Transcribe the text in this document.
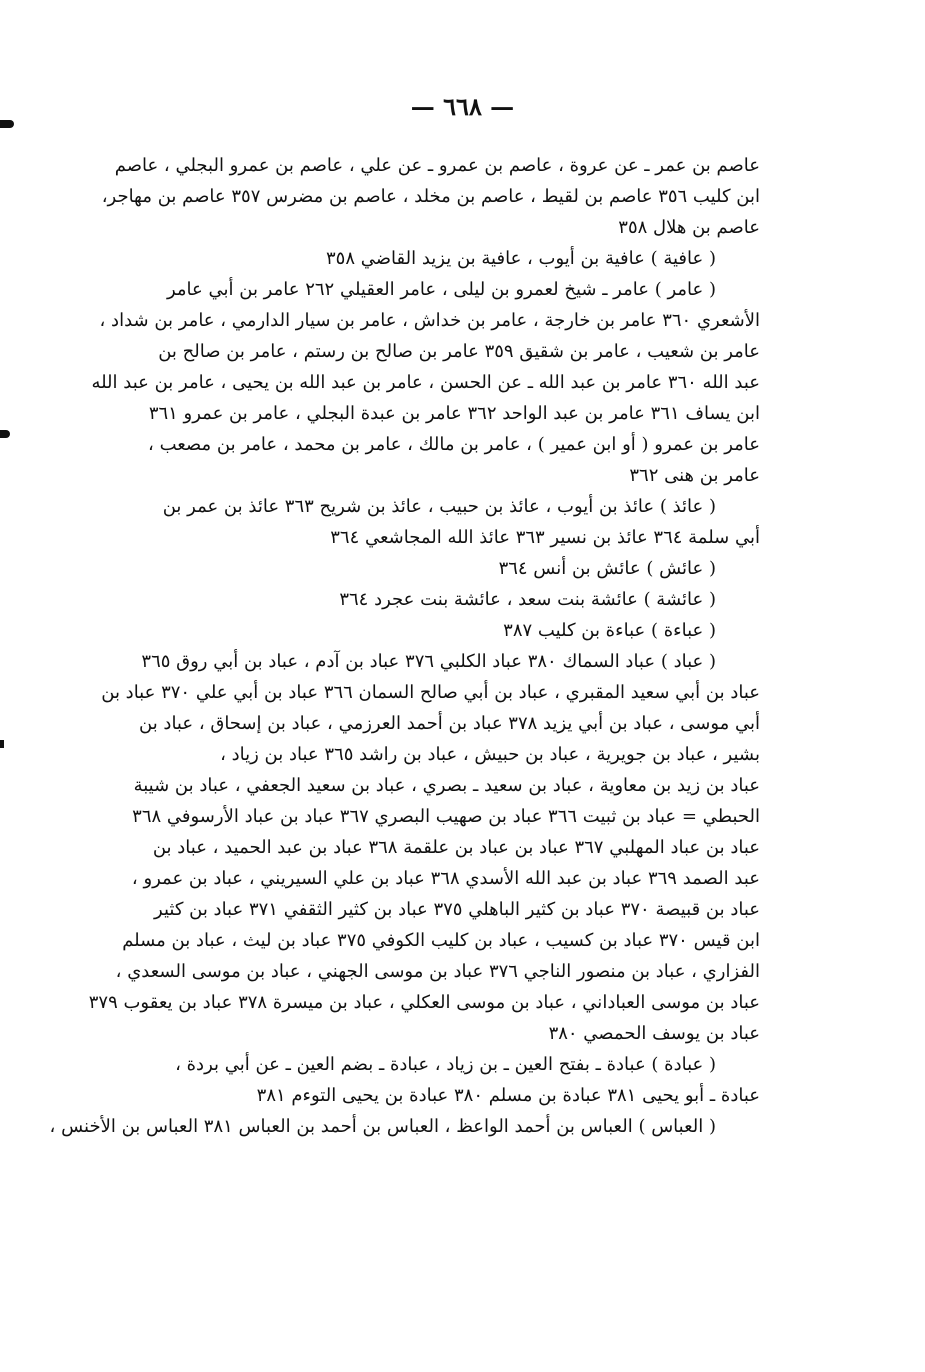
— ٦٦٨ —
عاصم بن عمر ـ عن عروة ، عاصم بن عمرو ـ عن علي ، عاصم بن عمرو البجلي ، عاصم
ابن كليب ٣٥٦ عاصم بن لقيط ، عاصم بن مخلد ، عاصم بن مضرس ٣٥٧ عاصم بن مهاجر،
عاصم بن هلال ٣٥٨
( عافية ) عافية بن أيوب ، عافية بن يزيد القاضي ٣٥٨
( عامر ) عامر ـ شيخ لعمرو بن ليلى ، عامر العقيلي ٢٦٢ عامر بن أبي عامر
الأشعري ٣٦٠ عامر بن خارجة ، عامر بن خداش ، عامر بن سيار الدارمي ، عامر بن شداد ،
عامر بن شعيب ، عامر بن شقيق ٣٥٩ عامر بن صالح بن رستم ، عامر بن صالح بن
عبد الله ٣٦٠ عامر بن عبد الله ـ عن الحسن ، عامر بن عبد الله بن يحيى ، عامر بن عبد الله
ابن يساف ٣٦١ عامر بن عبد الواحد ٣٦٢ عامر بن عبدة البجلي ، عامر بن عمرو ٣٦١
عامر بن عمرو ( أو ابن عمير ) ، عامر بن مالك ، عامر بن محمد ، عامر بن مصعب ،
عامر بن هنى ٣٦٢
( عائذ ) عائذ بن أيوب ، عائذ بن حبيب ، عائذ بن شريح ٣٦٣ عائذ بن عمر بن
أبي سلمة ٣٦٤ عائذ بن نسير ٣٦٣ عائذ الله المجاشعي ٣٦٤
( عائش ) عائش بن أنس ٣٦٤
( عائشة ) عائشة بنت سعد ، عائشة بنت عجرد ٣٦٤
( عباءة ) عباءة بن كليب ٣٨٧
( عباد ) عباد السماك ٣٨٠ عباد الكلبي ٣٧٦ عباد بن آدم ، عباد بن أبي روق ٣٦٥
عباد بن أبي سعيد المقبري ، عباد بن أبي صالح السمان ٣٦٦ عباد بن أبي علي ٣٧٠ عباد بن
أبي موسى ، عباد بن أبي يزيد ٣٧٨ عباد بن أحمد العرزمي ، عباد بن إسحاق ، عباد بن
بشير ، عباد بن جويرية ، عباد بن حبيش ، عباد بن راشد ٣٦٥ عباد بن زياد ،
عباد بن زيد بن معاوية ، عباد بن سعيد ـ بصري ، عباد بن سعيد الجعفي ، عباد بن شيبة
الحبطي = عباد بن ثبيت ٣٦٦ عباد بن صهيب البصري ٣٦٧ عباد بن عباد الأرسوفي ٣٦٨
عباد بن عباد المهلبي ٣٦٧ عباد بن عباد بن علقمة ٣٦٨ عباد بن عبد الحميد ، عباد بن
عبد الصمد ٣٦٩ عباد بن عبد الله الأسدي ٣٦٨ عباد بن علي السيريني ، عباد بن عمرو ،
عباد بن قبيصة ٣٧٠ عباد بن كثير الباهلي ٣٧٥ عباد بن كثير الثقفي ٣٧١ عباد بن كثير
ابن قيس ٣٧٠ عباد بن كسيب ، عباد بن كليب الكوفي ٣٧٥ عباد بن ليث ، عباد بن مسلم
الفزاري ، عباد بن منصور الناجي ٣٧٦ عباد بن موسى الجهني ، عباد بن موسى السعدي ،
عباد بن موسى العباداني ، عباد بن موسى العكلي ، عباد بن ميسرة ٣٧٨ عباد بن يعقوب ٣٧٩
عباد بن يوسف الحمصي ٣٨٠
( عبادة ) عبادة ـ بفتح العين ـ بن زياد ، عبادة ـ بضم العين ـ عن أبي بردة ،
عبادة ـ أبو يحيى ٣٨١ عبادة بن مسلم ٣٨٠ عبادة بن يحيى التوءم ٣٨١
( العباس ) العباس بن أحمد الواعظ ، العباس بن أحمد بن العباس ٣٨١ العباس بن الأخنس ،
